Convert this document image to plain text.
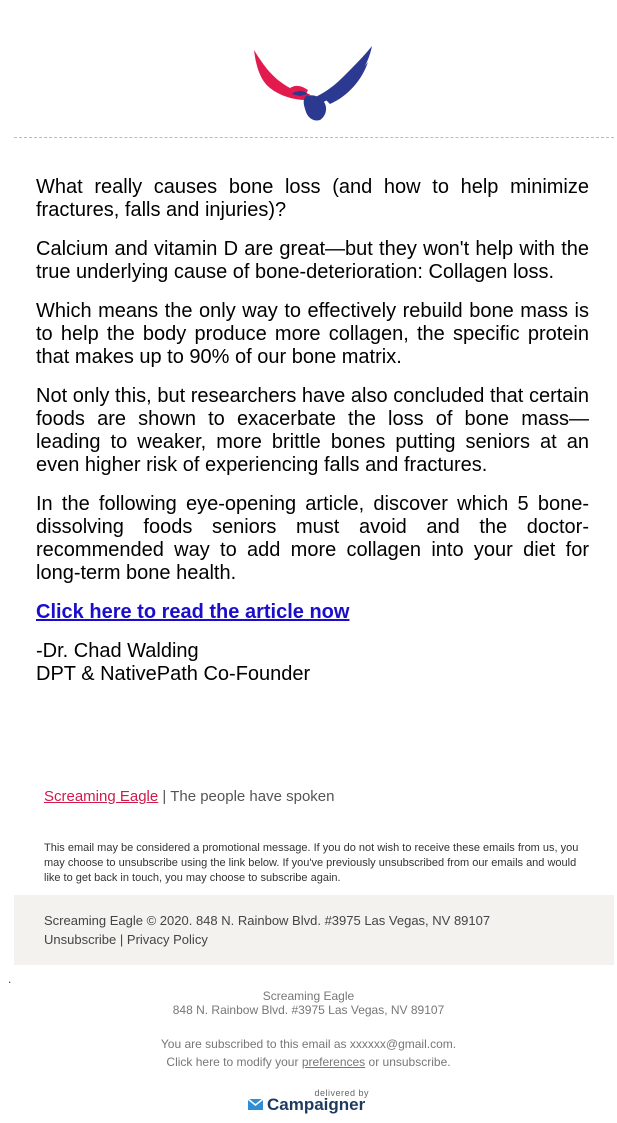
What really causes bone loss (and how to help minimize fractures, falls and injuries)?

Calcium and vitamin D are great—but they won't help with the true underlying cause of bone-deterioration: Collagen loss.

Which means the only way to effectively rebuild bone mass is to help the body produce more collagen, the specific protein that makes up to 90% of our bone matrix.

Not only this, but researchers have also concluded that certain foods are shown to exacerbate the loss of bone mass—leading to weaker, more brittle bones putting seniors at an even higher risk of experiencing falls and fractures.

In the following eye-opening article, discover which 5 bone-dissolving foods seniors must avoid and the doctor-recommended way to add more collagen into your diet for long-term bone health.

Click here to read the article now

-Dr. Chad Walding

DPT & NativePath Co-Founder

Screaming Eagle | The people have spoken
This email may be considered a promotional message. If you do not wish to receive these emails from us, you may choose to unsubscribe using the link below. If you've previously unsubscribed from our emails and would like to get back in touch, you may choose to subscribe again.
Screaming Eagle © 2020. 848 N. Rainbow Blvd. #3975 Las Vegas, NV 89107
Unsubscribe | Privacy Policy
.
Screaming Eagle
848 N. Rainbow Blvd. #3975 Las Vegas, NV 89107
You are subscribed to this email as xxxxxx@gmail.com.
Click here to modify your preferences or unsubscribe.
delivered by
Campaigner
